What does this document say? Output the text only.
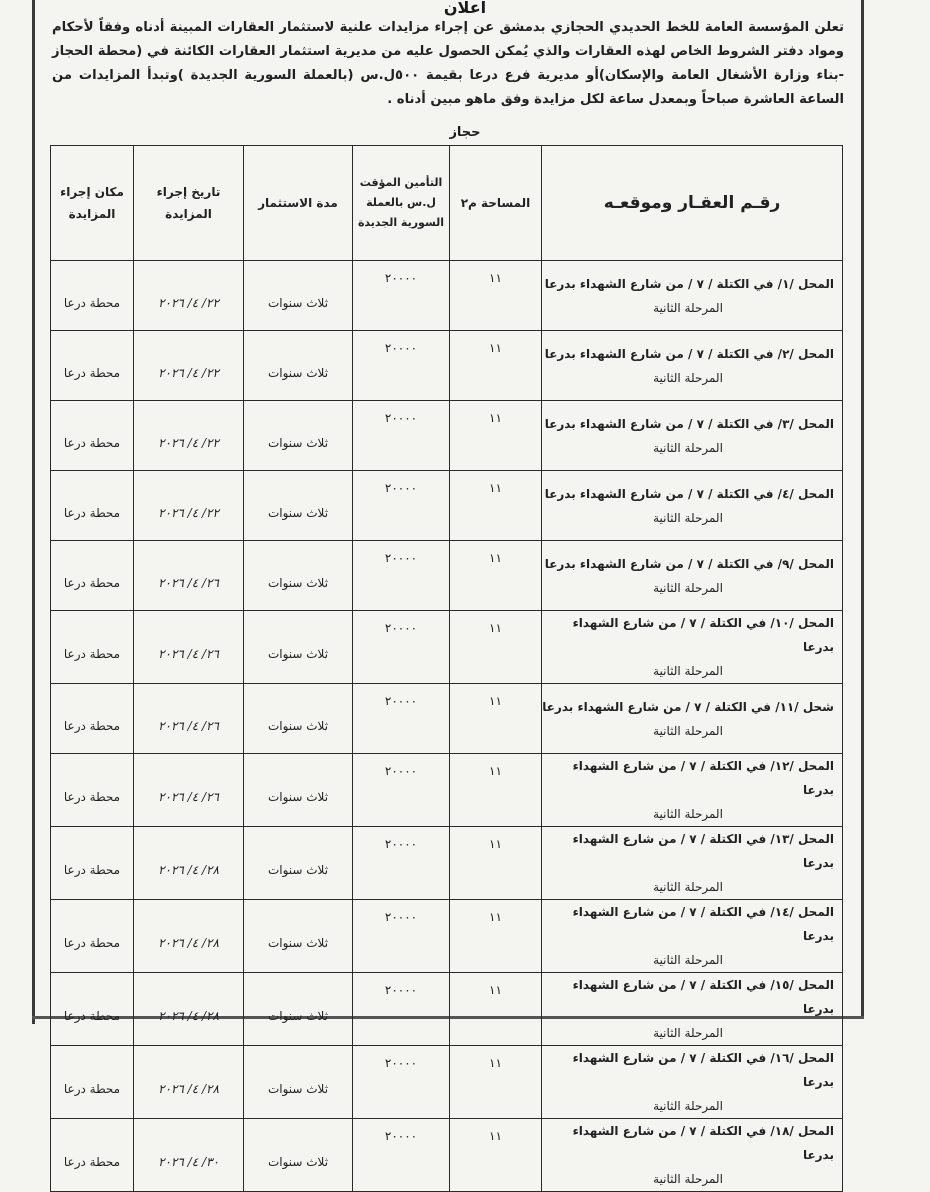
اعلان
تعلن المؤسسة العامة للخط الحديدي الحجازي بدمشق عن إجراء مزايدات علنية لاستثمار العقارات المبينة أدناه وفقاً لأحكام ومواد دفتر الشروط الخاص لهذه العقارات والذي يُمكن الحصول عليه من مديرية استثمار العقارات الكائنة في (محطة الحجاز -بناء وزارة الأشغال العامة والإسكان)أو مديرية فرع درعا بقيمة ٥٠٠ل.س (بالعملة السورية الجديدة )وتبدأ المزايدات من الساعة العاشرة صباحاً وبمعدل ساعة لكل مزايدة وفق ماهو مبين أدناه .
حجاز
رقـم العقـار وموقعـه	المساحة م٢	التأمين المؤقت ل.س بالعملة السورية الجديدة	مدة الاستثمار	تاريخ إجراء المزايدة	مكان إجراء المزايدة

المحل /١/ في الكتلة / ٧ / من شارع الشهداء بدرعا
المرحلة الثانية	١١	٢٠٠٠٠	ثلاث سنوات	٢٢/ ٤/ ٢٠٢٦	محطة درعا

المحل /٢/ في الكتلة / ٧ / من شارع الشهداء بدرعا
المرحلة الثانية	١١	٢٠٠٠٠	ثلاث سنوات	٢٢/ ٤/ ٢٠٢٦	محطة درعا

المحل /٣/ في الكتلة / ٧ / من شارع الشهداء بدرعا
المرحلة الثانية	١١	٢٠٠٠٠	ثلاث سنوات	٢٢/ ٤/ ٢٠٢٦	محطة درعا

المحل /٤/ في الكتلة / ٧ / من شارع الشهداء بدرعا
المرحلة الثانية	١١	٢٠٠٠٠	ثلاث سنوات	٢٢/ ٤/ ٢٠٢٦	محطة درعا

المحل /٩/ في الكتلة / ٧ / من شارع الشهداء بدرعا
المرحلة الثانية	١١	٢٠٠٠٠	ثلاث سنوات	٢٦/ ٤/ ٢٠٢٦	محطة درعا

المحل /١٠/ في الكتلة / ٧ / من شارع الشهداء بدرعا
المرحلة الثانية	١١	٢٠٠٠٠	ثلاث سنوات	٢٦/ ٤/ ٢٠٢٦	محطة درعا

شحل /١١/ في الكتلة / ٧ / من شارع الشهداء بدرعا
المرحلة الثانية	١١	٢٠٠٠٠	ثلاث سنوات	٢٦/ ٤/ ٢٠٢٦	محطة درعا

المحل /١٢/ في الكتلة / ٧ / من شارع الشهداء بدرعا
المرحلة الثانية	١١	٢٠٠٠٠	ثلاث سنوات	٢٦/ ٤/ ٢٠٢٦	محطة درعا

المحل /١٣/ في الكتلة / ٧ / من شارع الشهداء بدرعا
المرحلة الثانية	١١	٢٠٠٠٠	ثلاث سنوات	٢٨/ ٤/ ٢٠٢٦	محطة درعا

المحل /١٤/ في الكتلة / ٧ / من شارع الشهداء بدرعا
المرحلة الثانية	١١	٢٠٠٠٠	ثلاث سنوات	٢٨/ ٤/ ٢٠٢٦	محطة درعا

المحل /١٥/ في الكتلة / ٧ / من شارع الشهداء بدرعا
المرحلة الثانية	١١	٢٠٠٠٠	ثلاث سنوات	٢٨/ ٤/ ٢٠٢٦	محطة درعا

المحل /١٦/ في الكتلة / ٧ / من شارع الشهداء بدرعا
المرحلة الثانية	١١	٢٠٠٠٠	ثلاث سنوات	٢٨/ ٤/ ٢٠٢٦	محطة درعا

المحل /١٨/ في الكتلة / ٧ / من شارع الشهداء بدرعا
المرحلة الثانية	١١	٢٠٠٠٠	ثلاث سنوات	٣٠/ ٤/ ٢٠٢٦	محطة درعا
